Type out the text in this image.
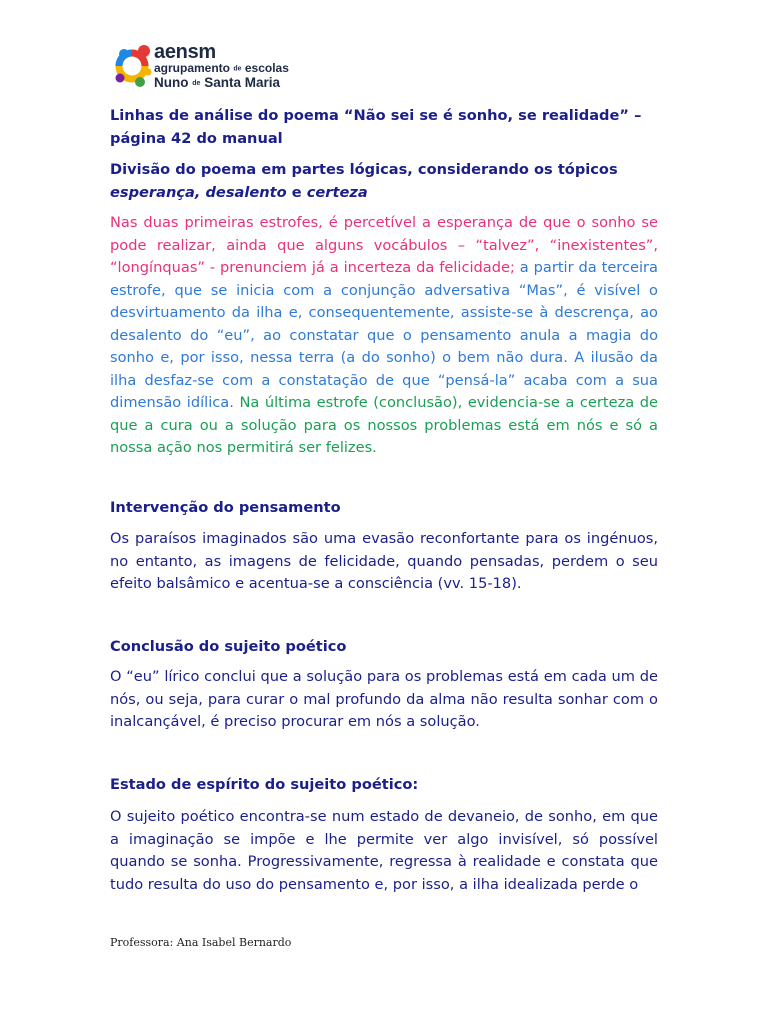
aensm
agrupamento de escolas
Nuno de Santa Maria
Linhas de análise do poema “Não sei se é sonho, se realidade” – página 42 do manual
Divisão do poema em partes lógicas, considerando os tópicos esperança, desalento e certeza

Nas duas primeiras estrofes, é percetível a esperança de que o sonho se pode realizar, ainda que alguns vocábulos – “talvez”, “inexistentes”, “longínquas” - prenunciem já a incerteza da felicidade; a partir da terceira estrofe, que se inicia com a conjunção adversativa “Mas”, é visível o desvirtuamento da ilha e, consequentemente, assiste-se à descrença, ao desalento do “eu”, ao constatar que o pensamento anula a magia do sonho e, por isso, nessa terra (a do sonho) o bem não dura. A ilusão da ilha desfaz-se com a constatação de que “pensá-la” acaba com a sua dimensão idílica. Na última estrofe (conclusão), evidencia-se a certeza de que a cura ou a solução para os nossos problemas está em nós e só a nossa ação nos permitirá ser felizes.

Intervenção do pensamento

Os paraísos imaginados são uma evasão reconfortante para os ingénuos, no entanto, as imagens de felicidade, quando pensadas, perdem o seu efeito balsâmico e acentua-se a consciência (vv. 15-18).

Conclusão do sujeito poético

O “eu” lírico conclui que a solução para os problemas está em cada um de nós, ou seja, para curar o mal profundo da alma não resulta sonhar com o inalcançável, é preciso procurar em nós a solução.

Estado de espírito do sujeito poético:

O sujeito poético encontra-se num estado de devaneio, de sonho, em que a imaginação se impõe e lhe permite ver algo invisível, só possível quando se sonha. Progressivamente, regressa à realidade e constata que tudo resulta do uso do pensamento e, por isso, a ilha idealizada perde o

Professora: Ana Isabel Bernardo
